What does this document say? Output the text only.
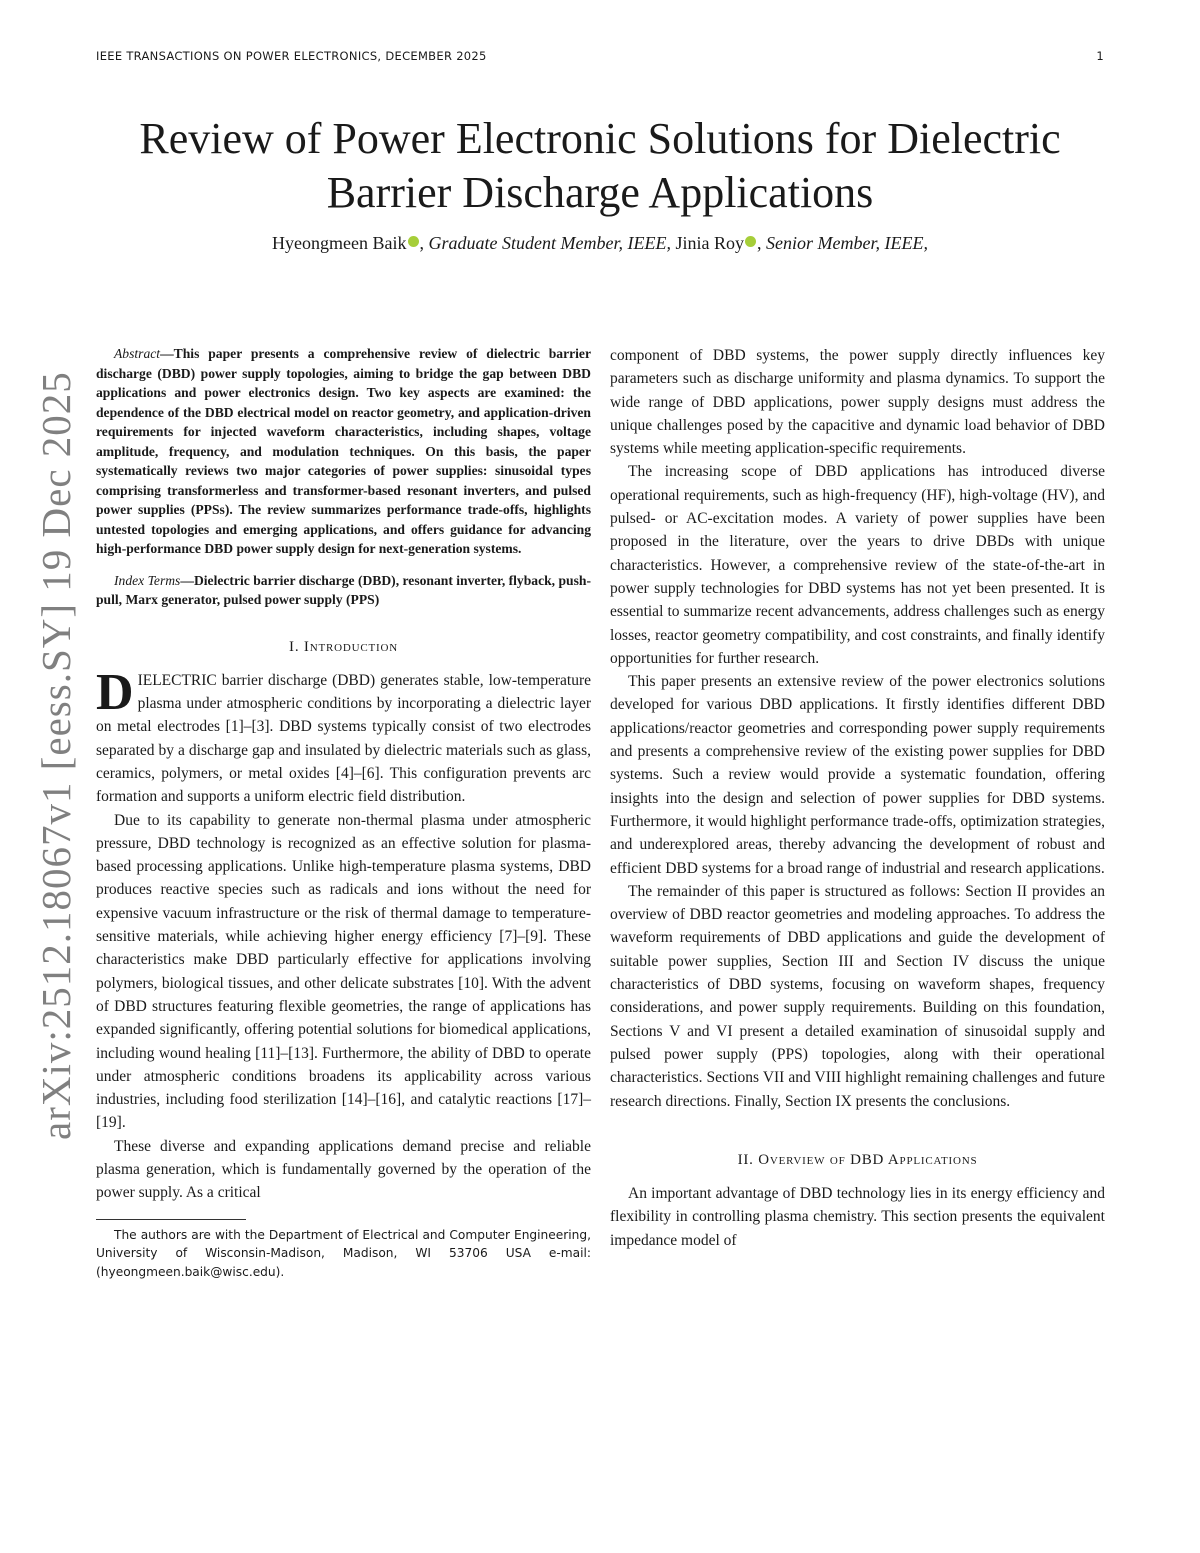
IEEE TRANSACTIONS ON POWER ELECTRONICS, DECEMBER 2025	1
Review of Power Electronic Solutions for Dielectric
Barrier Discharge Applications
Hyeongmeen Baik , Graduate Student Member, IEEE, Jinia Roy , Senior Member, IEEE,
arXiv:2512.18067v1 [eess.SY] 19 Dec 2025

Abstract—This paper presents a comprehensive review of dielectric barrier discharge (DBD) power supply topologies, aiming to bridge the gap between DBD applications and power electronics design. Two key aspects are examined: the dependence of the DBD electrical model on reactor geometry, and application-driven requirements for injected waveform characteristics, including shapes, voltage amplitude, frequency, and modulation techniques. On this basis, the paper systematically reviews two major categories of power supplies: sinusoidal types comprising transformerless and transformer-based resonant inverters, and pulsed power supplies (PPSs). The review summarizes performance trade-offs, highlights untested topologies and emerging applications, and offers guidance for advancing high-performance DBD power supply design for next-generation systems.

Index Terms—Dielectric barrier discharge (DBD), resonant inverter, flyback, push-pull, Marx generator, pulsed power supply (PPS)

I. Introduction

DIELECTRIC barrier discharge (DBD) generates stable, low-temperature plasma under atmospheric conditions by incorporating a dielectric layer on metal electrodes [1]–[3]. DBD systems typically consist of two electrodes separated by a discharge gap and insulated by dielectric materials such as glass, ceramics, polymers, or metal oxides [4]–[6]. This configuration prevents arc formation and supports a uniform electric field distribution.

Due to its capability to generate non-thermal plasma under atmospheric pressure, DBD technology is recognized as an effective solution for plasma-based processing applications. Unlike high-temperature plasma systems, DBD produces reactive species such as radicals and ions without the need for expensive vacuum infrastructure or the risk of thermal damage to temperature-sensitive materials, while achieving higher energy efficiency [7]–[9]. These characteristics make DBD particularly effective for applications involving polymers, biological tissues, and other delicate substrates [10]. With the advent of DBD structures featuring flexible geometries, the range of applications has expanded significantly, offering potential solutions for biomedical applications, including wound healing [11]–[13]. Furthermore, the ability of DBD to operate under atmospheric conditions broadens its applicability across various industries, including food sterilization [14]–[16], and catalytic reactions [17]–[19].

These diverse and expanding applications demand precise and reliable plasma generation, which is fundamentally governed by the operation of the power supply. As a critical

The authors are with the Department of Electrical and Computer Engineering, University of Wisconsin-Madison, Madison, WI 53706 USA e-mail: (hyeongmeen.baik@wisc.edu).

component of DBD systems, the power supply directly influences key parameters such as discharge uniformity and plasma dynamics. To support the wide range of DBD applications, power supply designs must address the unique challenges posed by the capacitive and dynamic load behavior of DBD systems while meeting application-specific requirements.

The increasing scope of DBD applications has introduced diverse operational requirements, such as high-frequency (HF), high-voltage (HV), and pulsed- or AC-excitation modes. A variety of power supplies have been proposed in the literature, over the years to drive DBDs with unique characteristics. However, a comprehensive review of the state-of-the-art in power supply technologies for DBD systems has not yet been presented. It is essential to summarize recent advancements, address challenges such as energy losses, reactor geometry compatibility, and cost constraints, and finally identify opportunities for further research.

This paper presents an extensive review of the power electronics solutions developed for various DBD applications. It firstly identifies different DBD applications/reactor geometries and corresponding power supply requirements and presents a comprehensive review of the existing power supplies for DBD systems. Such a review would provide a systematic foundation, offering insights into the design and selection of power supplies for DBD systems. Furthermore, it would highlight performance trade-offs, optimization strategies, and underexplored areas, thereby advancing the development of robust and efficient DBD systems for a broad range of industrial and research applications.

The remainder of this paper is structured as follows: Section II provides an overview of DBD reactor geometries and modeling approaches. To address the waveform requirements of DBD applications and guide the development of suitable power supplies, Section III and Section IV discuss the unique characteristics of DBD systems, focusing on waveform shapes, frequency considerations, and power supply requirements. Building on this foundation, Sections V and VI present a detailed examination of sinusoidal supply and pulsed power supply (PPS) topologies, along with their operational characteristics. Sections VII and VIII highlight remaining challenges and future research directions. Finally, Section IX presents the conclusions.

II. Overview of DBD Applications

An important advantage of DBD technology lies in its energy efficiency and flexibility in controlling plasma chemistry. This section presents the equivalent impedance model of
